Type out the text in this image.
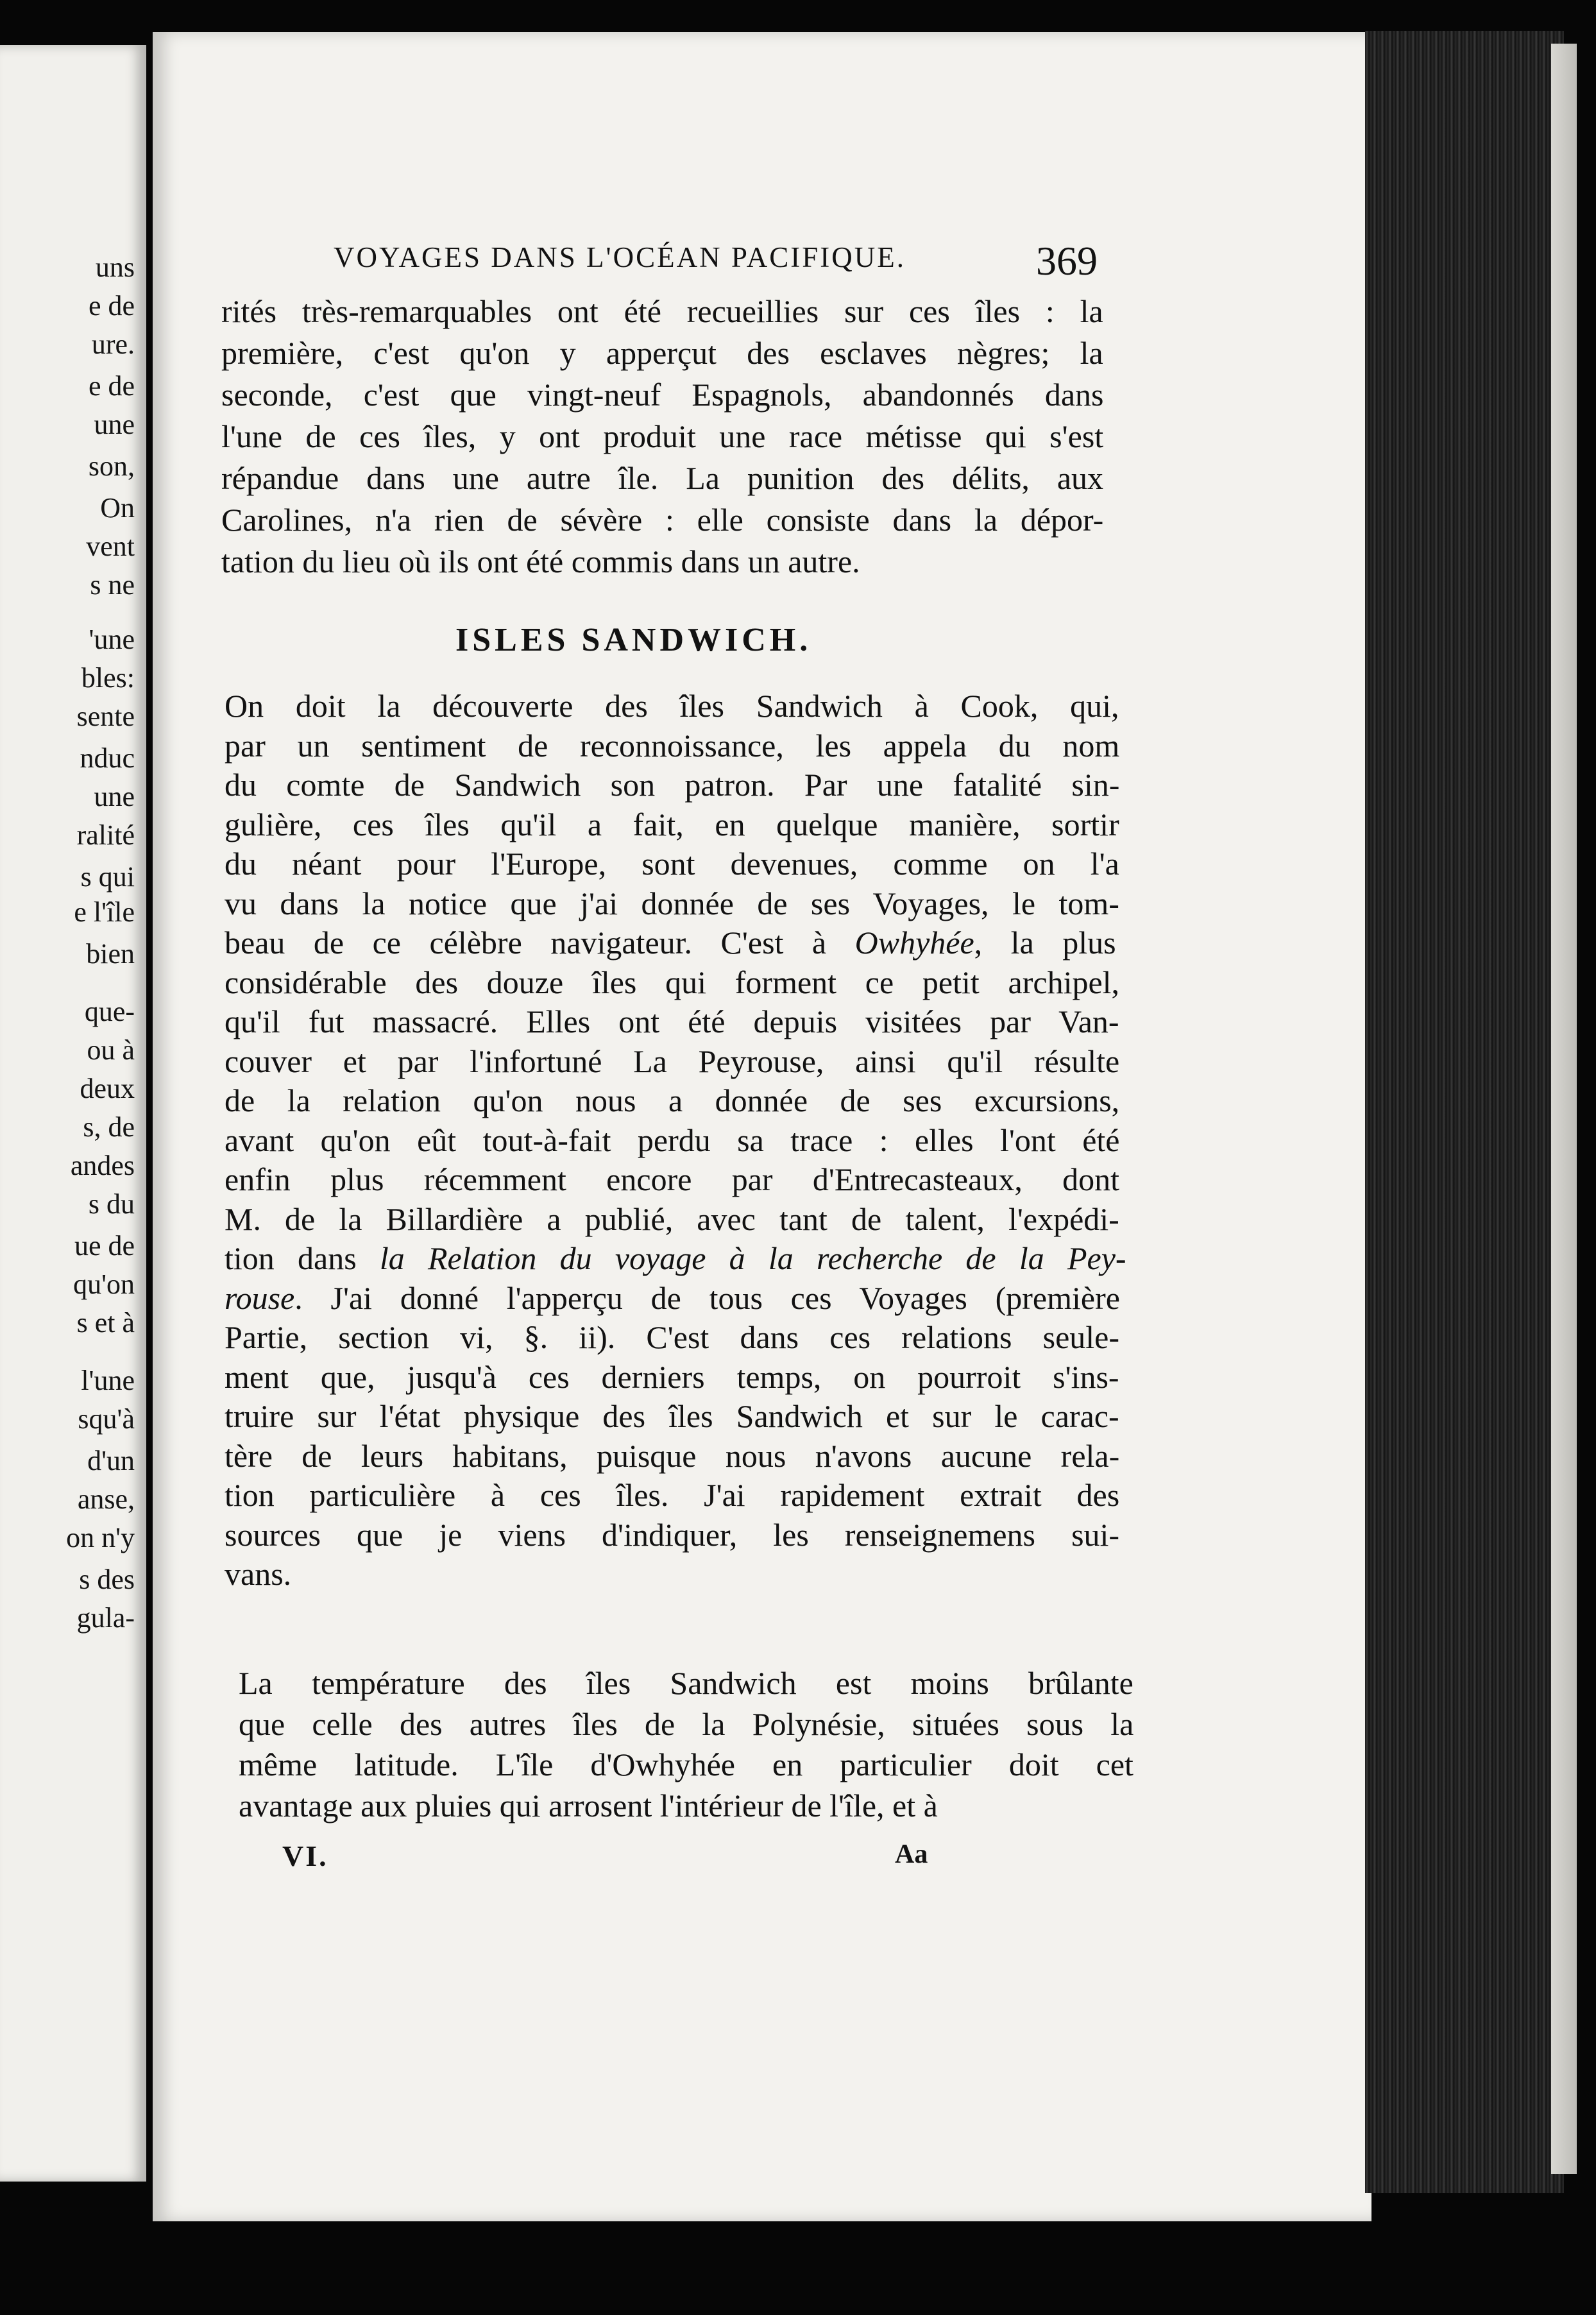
uns
e de
ure.
e de
une
son,
On
vent
s ne
'une
bles:
sente
nduc
une
ralité
s qui
e l'île
bien
que-
ou à
deux
s, de
andes
s du
ue de
qu'on
s et à
l'une
squ'à
d'un
anse,
on n'y
s des
gula-
VOYAGES DANS L'OCÉAN PACIFIQUE.	369
rités très-remarquables ont été recueillies sur ces îles : la
première, c'est qu'on y apperçut des esclaves nègres; la
seconde, c'est que vingt-neuf Espagnols, abandonnés dans
l'une de ces îles, y ont produit une race métisse qui s'est
répandue dans une autre île. La punition des délits, aux
Carolines, n'a rien de sévère : elle consiste dans la dépor-
tation du lieu où ils ont été commis dans un autre.
ISLES SANDWICH.
On doit la découverte des îles Sandwich à Cook, qui,
par un sentiment de reconnoissance, les appela du nom
du comte de Sandwich son patron. Par une fatalité sin-
gulière, ces îles qu'il a fait, en quelque manière, sortir
du néant pour l'Europe, sont devenues, comme on l'a
vu dans la notice que j'ai donnée de ses Voyages, le tom-
beau de ce célèbre navigateur. C'est à Owhyhée, la plus
considérable des douze îles qui forment ce petit archipel,
qu'il fut massacré. Elles ont été depuis visitées par Van-
couver et par l'infortuné La Peyrouse, ainsi qu'il résulte
de la relation qu'on nous a donnée de ses excursions,
avant qu'on eût tout-à-fait perdu sa trace : elles l'ont été
enfin plus récemment encore par d'Entrecasteaux, dont
M. de la Billardière a publié, avec tant de talent, l'expédi-
tion dans la Relation du voyage à la recherche de la Pey-
rouse. J'ai donné l'apperçu de tous ces Voyages (première
Partie, section vi, §. ii). C'est dans ces relations seule-
ment que, jusqu'à ces derniers temps, on pourroit s'ins-
truire sur l'état physique des îles Sandwich et sur le carac-
tère de leurs habitans, puisque nous n'avons aucune rela-
tion particulière à ces îles. J'ai rapidement extrait des
sources que je viens d'indiquer, les renseignemens sui-
vans.
La température des îles Sandwich est moins brûlante
que celle des autres îles de la Polynésie, situées sous la
même latitude. L'île d'Owhyhée en particulier doit cet
avantage aux pluies qui arrosent l'intérieur de l'île, et à
VI.	Aa
